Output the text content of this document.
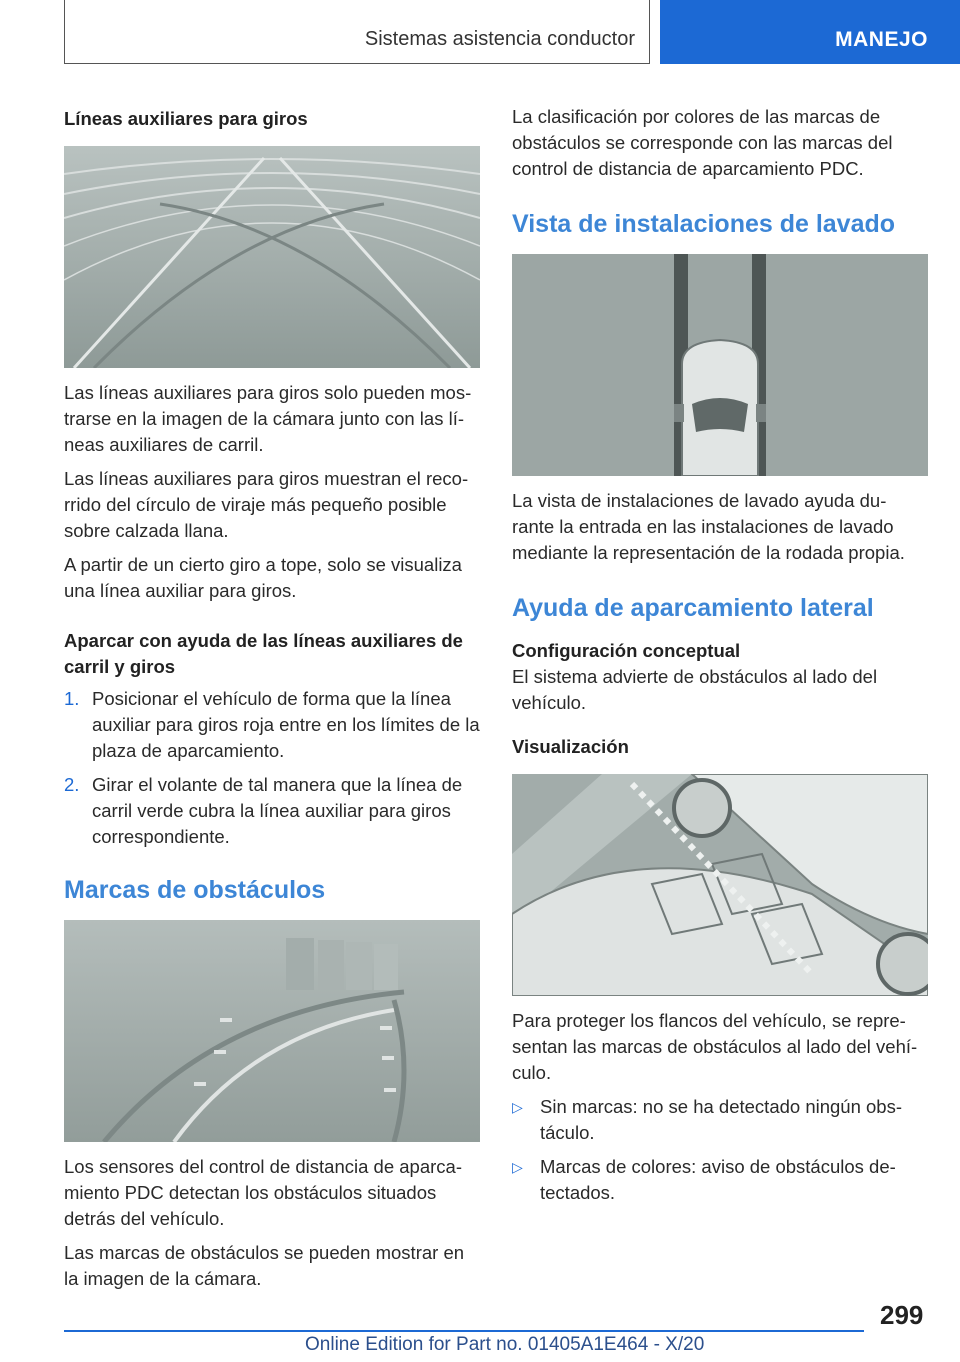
Sistemas asistencia conductor	MANEJO
Líneas auxiliares para giros

Las líneas auxiliares para giros solo pueden mos-trarse en la imagen de la cámara junto con las lí-neas auxiliares de carril.

Las líneas auxiliares para giros muestran el reco-rrido del círculo de viraje más pequeño posible sobre calzada llana.

A partir de un cierto giro a tope, solo se visualiza una línea auxiliar para giros.

Aparcar con ayuda de las líneas auxiliares de carril y giros
1. Posicionar el vehículo de forma que la línea auxiliar para giros roja entre en los límites de la plaza de aparcamiento.
2. Girar el volante de tal manera que la línea de carril verde cubra la línea auxiliar para giros correspondiente.
Marcas de obstáculos

Los sensores del control de distancia de aparca-miento PDC detectan los obstáculos situados detrás del vehículo.

Las marcas de obstáculos se pueden mostrar en la imagen de la cámara.

La clasificación por colores de las marcas de obstáculos se corresponde con las marcas del control de distancia de aparcamiento PDC.

Vista de instalaciones de lavado

La vista de instalaciones de lavado ayuda du-rante la entrada en las instalaciones de lavado mediante la representación de la rodada propia.

Ayuda de aparcamiento lateral
Configuración conceptual

El sistema advierte de obstáculos al lado del vehículo.

Visualización

Para proteger los flancos del vehículo, se repre-sentan las marcas de obstáculos al lado del vehí-culo.

▷ Sin marcas: no se ha detectado ningún obs-táculo.
▷ Marcas de colores: aviso de obstáculos de-tectados.
299
Online Edition for Part no. 01405A1E464 - X/20
